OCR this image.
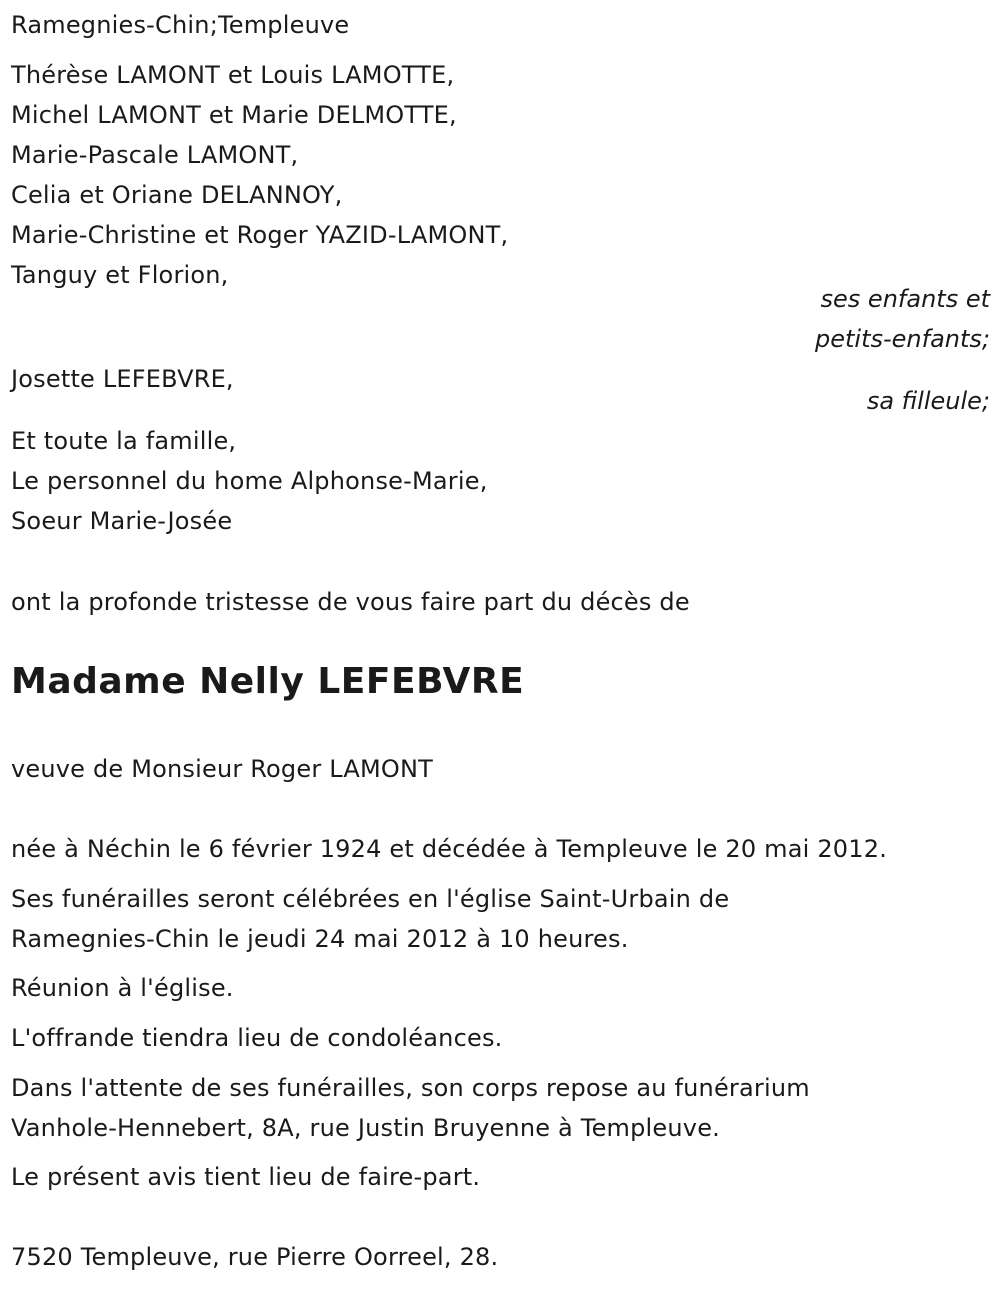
Ramegnies-Chin;Templeuve
Thérèse LAMONT et Louis LAMOTTE,
Michel LAMONT et Marie DELMOTTE,
Marie-Pascale LAMONT,
Celia et Oriane DELANNOY,
Marie-Christine et Roger YAZID-LAMONT,
Tanguy et Florion,
ses enfants et
petits-enfants;
Josette LEFEBVRE,
sa filleule;
Et toute la famille,
Le personnel du home Alphonse-Marie,
Soeur Marie-Josée
ont la profonde tristesse de vous faire part du décès de
Madame Nelly LEFEBVRE
veuve de Monsieur Roger LAMONT
née à Néchin le 6 février 1924 et décédée à Templeuve le 20 mai 2012.
Ses funérailles seront célébrées en l'église Saint-Urbain de
Ramegnies-Chin le jeudi 24 mai 2012 à 10 heures.
Réunion à l'église.
L'offrande tiendra lieu de condoléances.
Dans l'attente de ses funérailles, son corps repose au funérarium
Vanhole-Hennebert, 8A, rue Justin Bruyenne à Templeuve.
Le présent avis tient lieu de faire-part.
7520 Templeuve, rue Pierre Oorreel, 28.
